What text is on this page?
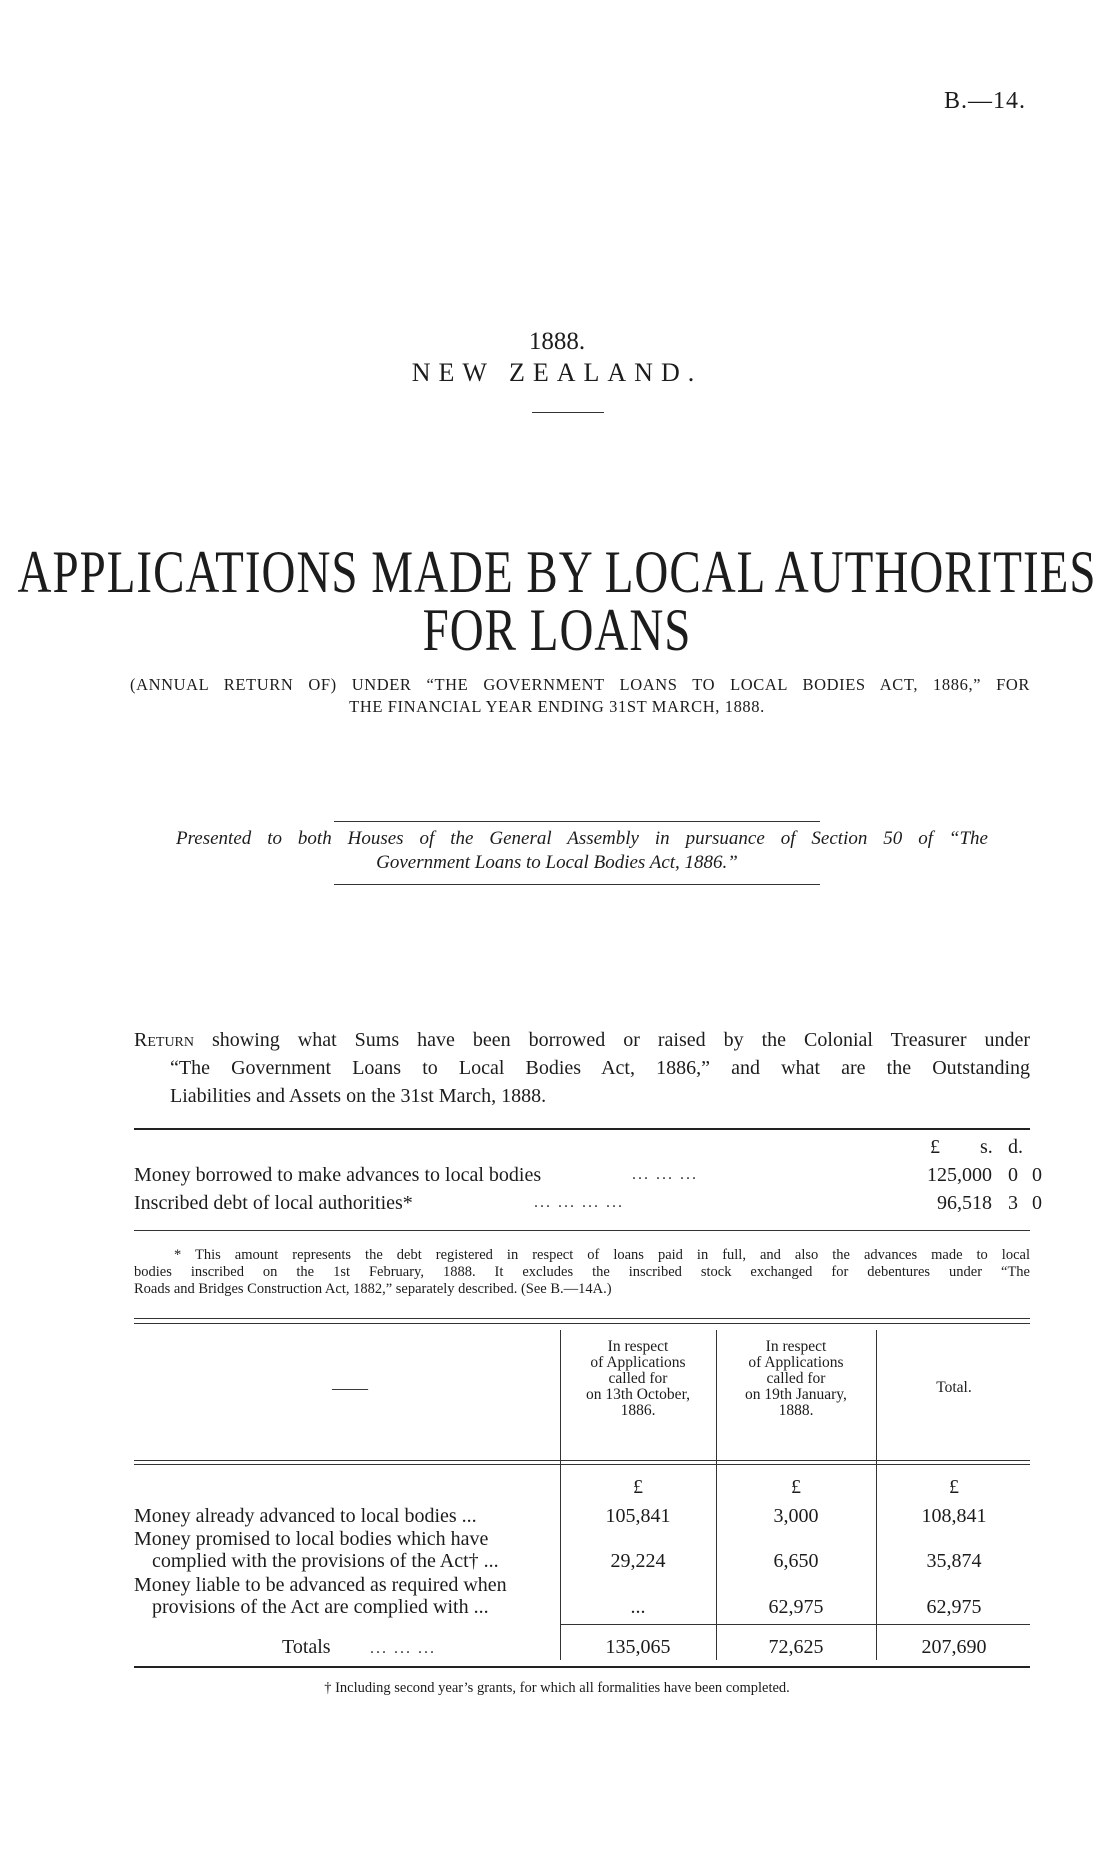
B.—14.
1888.
NEW ZEALAND.
APPLICATIONS MADE BY LOCAL AUTHORITIES
FOR LOANS
(ANNUAL RETURN OF) UNDER “THE GOVERNMENT LOANS TO LOCAL BODIES ACT, 1886,” FOR
THE FINANCIAL YEAR ENDING 31ST MARCH, 1888.
Presented to both Houses of the General Assembly in pursuance of Section 50 of “The
Government Loans to Local Bodies Act, 1886.”
Return showing what Sums have been borrowed or raised by the Colonial Treasurer under
“The Government Loans to Local Bodies Act, 1886,” and what are the Outstanding
Liabilities and Assets on the 31st March, 1888.
£ s. d.
Money borrowed to make advances to local bodies	... ... ...	125,000 0 0
Inscribed debt of local authorities*	... ... ... ...	96,518 3 0
* This amount represents the debt registered in respect of loans paid in full, and also the advances made to local
bodies inscribed on the 1st February, 1888. It excludes the inscribed stock exchanged for debentures under “The
Roads and Bridges Construction Act, 1882,” separately described. (See B.—14A.)
——
In respect
of Applications
called for
on 13th October,
1886.
In respect
of Applications
called for
on 19th January,
1888.
Total.
£	£	£
Money already advanced to local bodies ...	105,841	3,000	108,841
Money promised to local bodies which have
complied with the provisions of the Act† ...	29,224	6,650	35,874
Money liable to be advanced as required when
provisions of the Act are complied with ...	...	62,975	62,975
Totals ... ... ...	135,065	72,625	207,690
† Including second year’s grants, for which all formalities have been completed.
